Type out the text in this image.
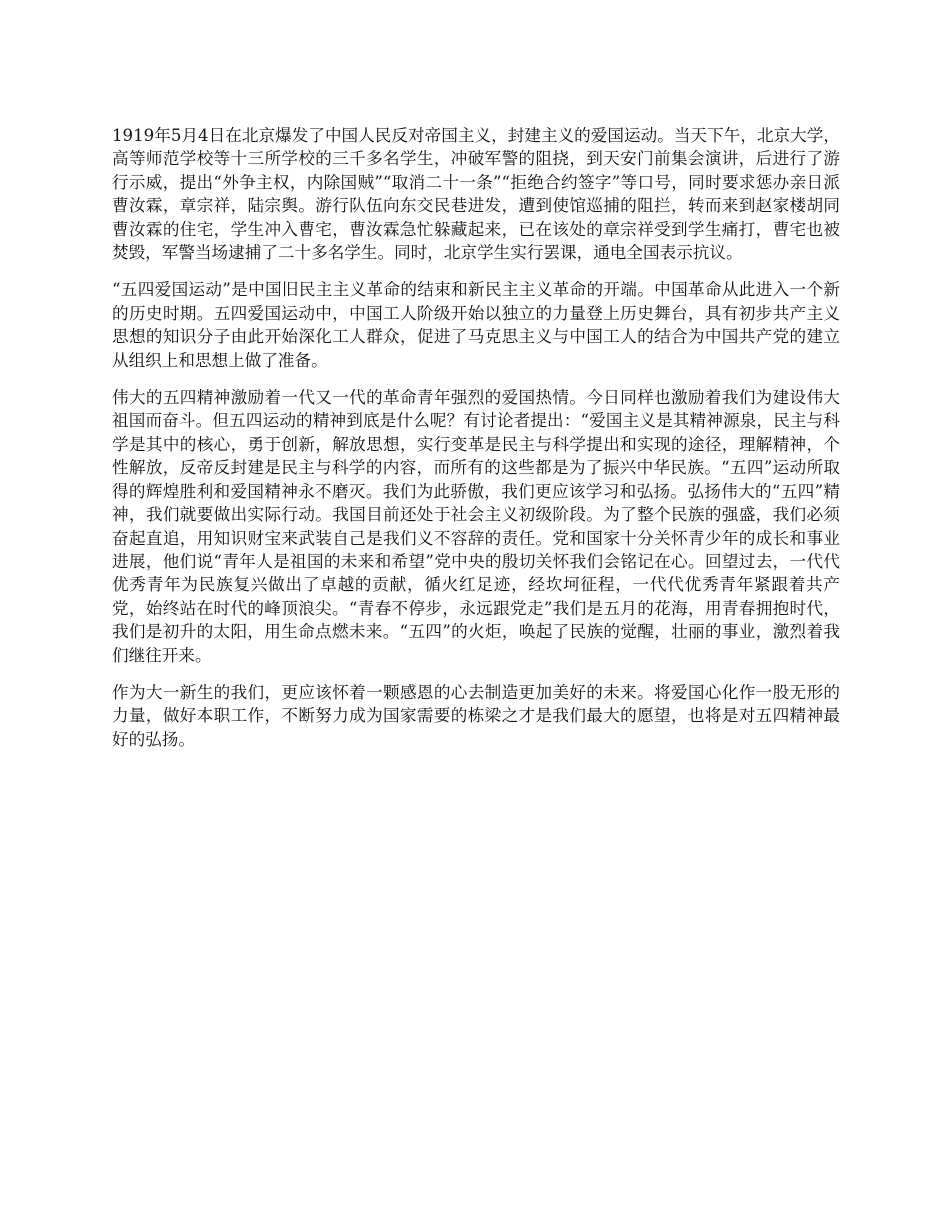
1919年5月4日在北京爆发了中国人民反对帝国主义，封建主义的爱国运动。当天下午，北京大学，高等师范学校等十三所学校的三千多名学生，冲破军警的阻挠，到天安门前集会演讲，后进行了游行示威，提出“外争主权，内除国贼”“取消二十一条”“拒绝合约签字”等口号，同时要求惩办亲日派曹汝霖，章宗祥，陆宗舆。游行队伍向东交民巷进发，遭到使馆巡捕的阻拦，转而来到赵家楼胡同曹汝霖的住宅，学生冲入曹宅，曹汝霖急忙躲藏起来，已在该处的章宗祥受到学生痛打，曹宅也被焚毁，军警当场逮捕了二十多名学生。同时，北京学生实行罢课，通电全国表示抗议。

“五四爱国运动”是中国旧民主主义革命的结束和新民主主义革命的开端。中国革命从此进入一个新的历史时期。五四爱国运动中，中国工人阶级开始以独立的力量登上历史舞台，具有初步共产主义思想的知识分子由此开始深化工人群众，促进了马克思主义与中国工人的结合为中国共产党的建立从组织上和思想上做了准备。

伟大的五四精神激励着一代又一代的革命青年强烈的爱国热情。今日同样也激励着我们为建设伟大祖国而奋斗。但五四运动的精神到底是什么呢？有讨论者提出：“爱国主义是其精神源泉，民主与科学是其中的核心，勇于创新，解放思想，实行变革是民主与科学提出和实现的途径，理解精神，个性解放，反帝反封建是民主与科学的内容，而所有的这些都是为了振兴中华民族。“五四”运动所取得的辉煌胜利和爱国精神永不磨灭。我们为此骄傲，我们更应该学习和弘扬。弘扬伟大的“五四”精神，我们就要做出实际行动。我国目前还处于社会主义初级阶段。为了整个民族的强盛，我们必须奋起直追，用知识财宝来武装自己是我们义不容辞的责任。党和国家十分关怀青少年的成长和事业进展，他们说“青年人是祖国的未来和希望”党中央的殷切关怀我们会铭记在心。回望过去，一代代优秀青年为民族复兴做出了卓越的贡献，循火红足迹，经坎坷征程，一代代优秀青年紧跟着共产党，始终站在时代的峰顶浪尖。“青春不停步，永远跟党走”我们是五月的花海，用青春拥抱时代，我们是初升的太阳，用生命点燃未来。“五四”的火炬，唤起了民族的觉醒，壮丽的事业，激烈着我们继往开来。

作为大一新生的我们，更应该怀着一颗感恩的心去制造更加美好的未来。将爱国心化作一股无形的力量，做好本职工作，不断努力成为国家需要的栋梁之才是我们最大的愿望，也将是对五四精神最好的弘扬。
